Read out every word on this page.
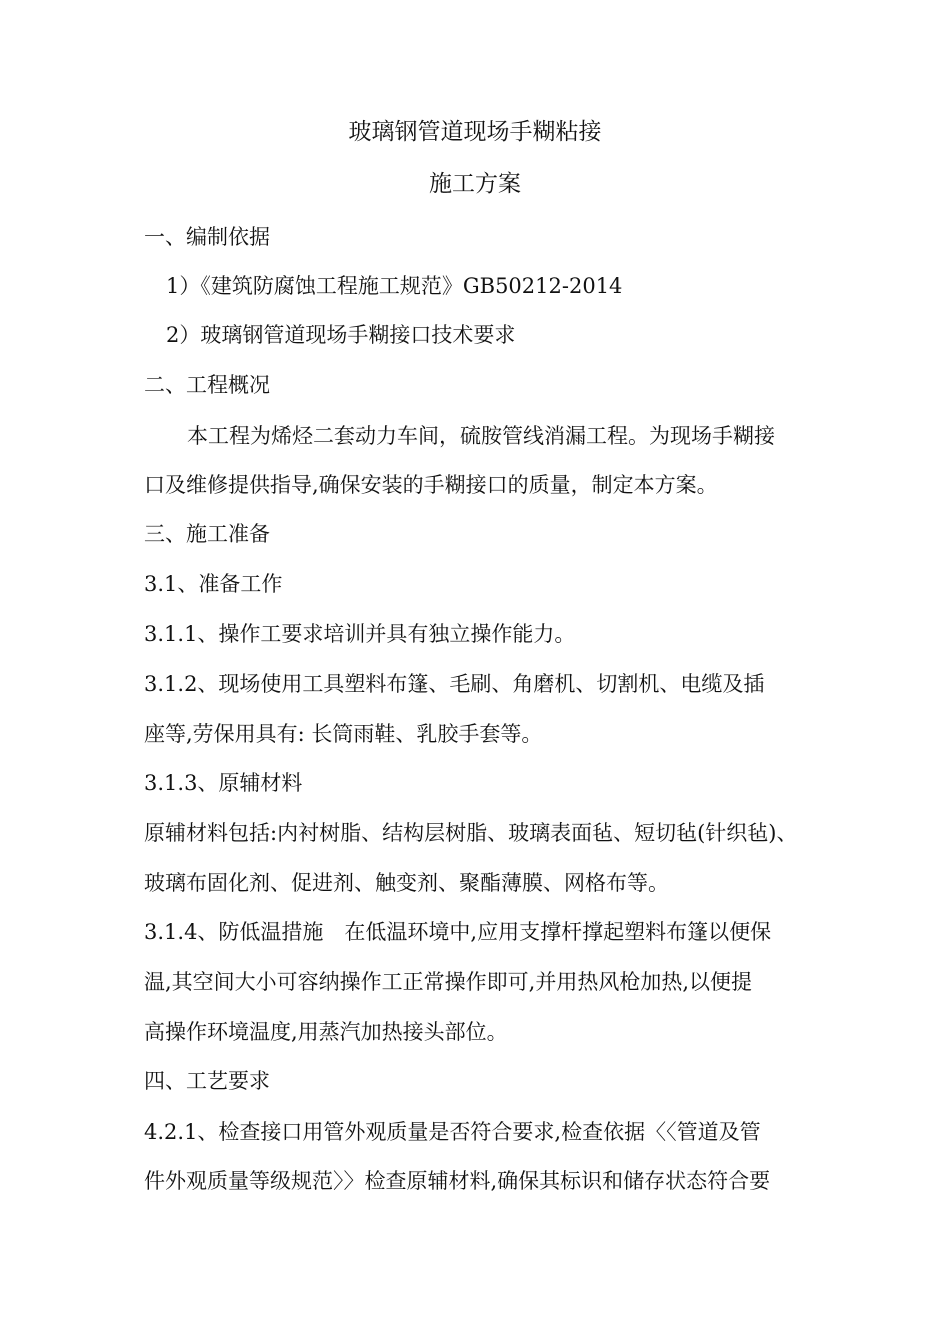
玻璃钢管道现场手糊粘接
施工方案
一、编制依据
1）《建筑防腐蚀工程施工规范》GB50212-2014
2）玻璃钢管道现场手糊接口技术要求
二、工程概况
本工程为烯烃二套动力车间，硫胺管线消漏工程。为现场手糊接
口及维修提供指导,确保安装的手糊接口的质量，制定本方案。
三、施工准备
3.1、准备工作
3.1.1、操作工要求培训并具有独立操作能力。
3.1.2、现场使用工具塑料布篷、毛刷、角磨机、切割机、电缆及插
座等,劳保用具有: 长筒雨鞋、乳胶手套等。
3.1.3、原辅材料
原辅材料包括:内衬树脂、结构层树脂、玻璃表面毡、短切毡(针织毡)、
玻璃布固化剂、促进剂、触变剂、聚酯薄膜、网格布等。
3.1.4、防低温措施　在低温环境中,应用支撑杆撑起塑料布篷以便保
温,其空间大小可容纳操作工正常操作即可,并用热风枪加热,以便提
高操作环境温度,用蒸汽加热接头部位。
四、工艺要求
4.2.1、检查接口用管外观质量是否符合要求,检查依据〈〈管道及管
件外观质量等级规范〉〉检查原辅材料,确保其标识和储存状态符合要
